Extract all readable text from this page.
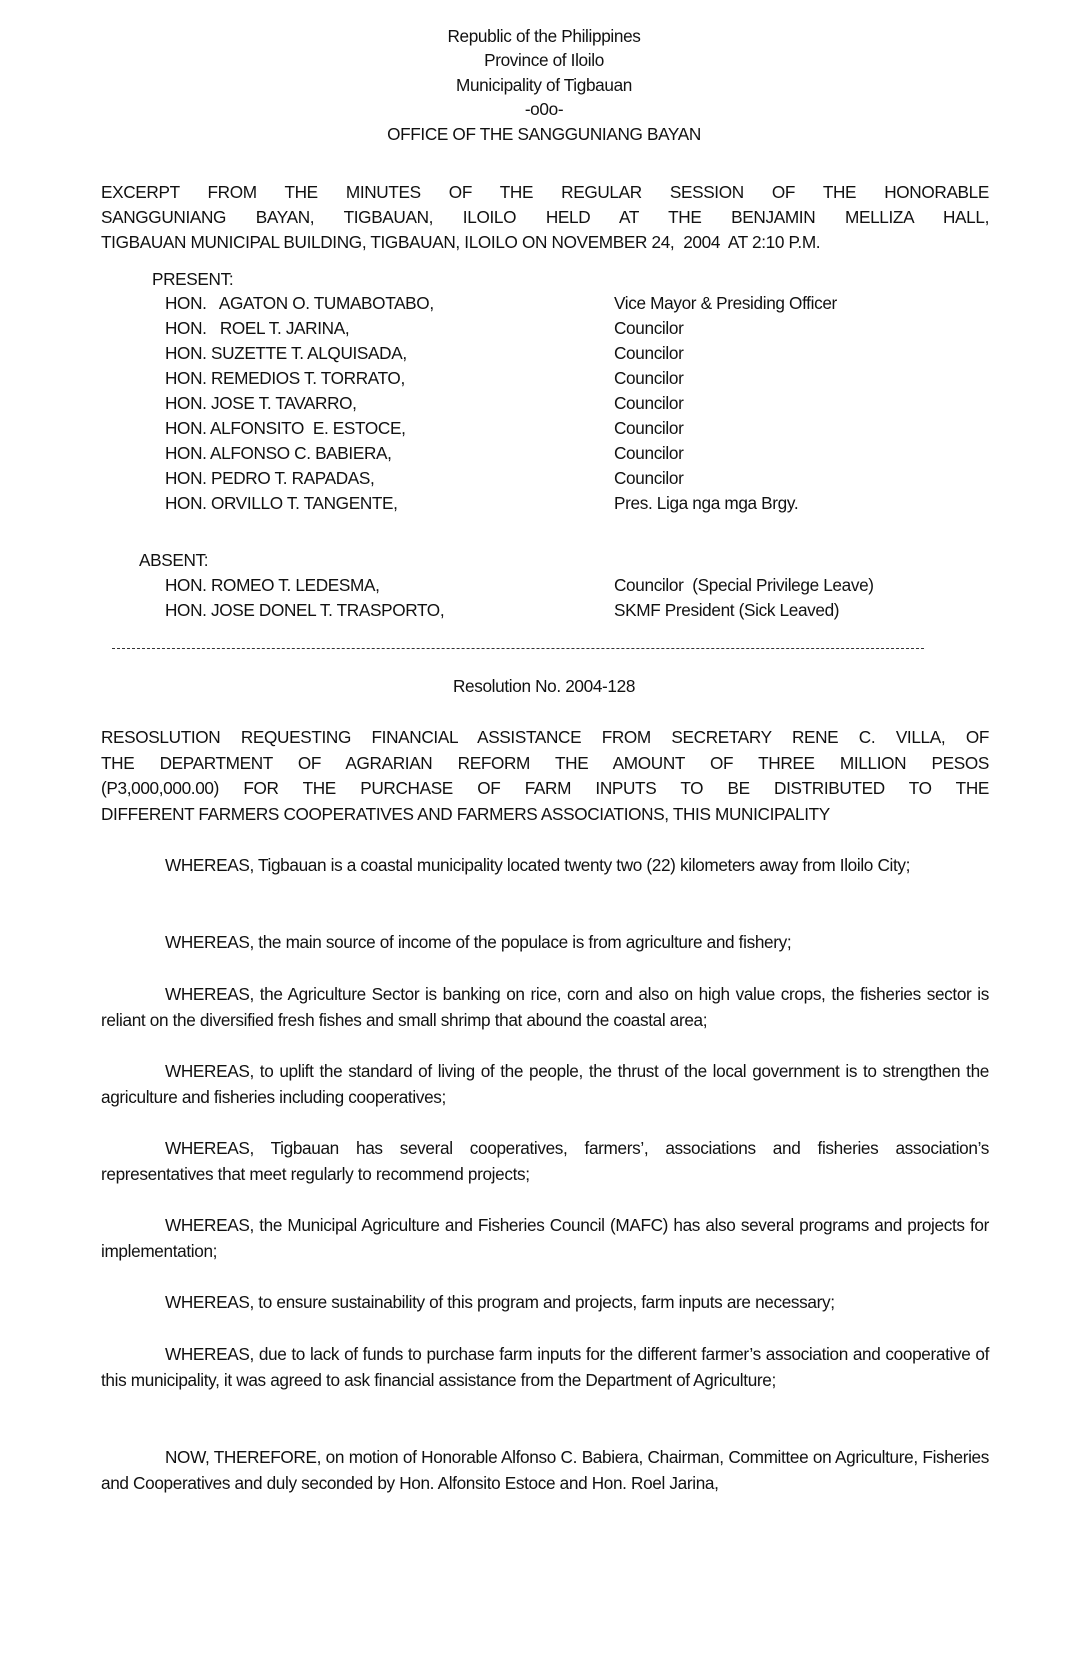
Republic of the Philippines
Province of Iloilo
Municipality of Tigbauan
-o0o-
OFFICE OF THE SANGGUNIANG BAYAN
EXCERPT FROM THE MINUTES OF THE REGULAR SESSION OF THE HONORABLE
SANGGUNIANG BAYAN, TIGBAUAN, ILOILO HELD AT THE BENJAMIN MELLIZA HALL,
TIGBAUAN MUNICIPAL BUILDING, TIGBAUAN, ILOILO ON NOVEMBER 24,  2004  AT 2:10 P.M.
PRESENT:
HON.   AGATON O. TUMABOTABO,	Vice Mayor & Presiding Officer
HON.   ROEL T. JARINA,	Councilor
HON. SUZETTE T. ALQUISADA,	Councilor
HON. REMEDIOS T. TORRATO,	Councilor
HON. JOSE T. TAVARRO,	Councilor
HON. ALFONSITO  E. ESTOCE,	Councilor
HON. ALFONSO C. BABIERA,	Councilor
HON. PEDRO T. RAPADAS,	Councilor
HON. ORVILLO T. TANGENTE,	Pres. Liga nga mga Brgy.
ABSENT:
HON. ROMEO T. LEDESMA,	Councilor  (Special Privilege Leave)
HON. JOSE DONEL T. TRASPORTO,	SKMF President (Sick Leaved)
Resolution No. 2004-128
RESOSLUTION REQUESTING FINANCIAL ASSISTANCE FROM SECRETARY RENE C. VILLA, OF
THE DEPARTMENT OF AGRARIAN REFORM THE AMOUNT OF THREE MILLION PESOS
(P3,000,000.00) FOR THE PURCHASE OF FARM INPUTS TO BE DISTRIBUTED TO THE
DIFFERENT FARMERS COOPERATIVES AND FARMERS ASSOCIATIONS, THIS MUNICIPALITY

WHEREAS, Tigbauan is a coastal municipality located twenty two (22) kilometers away from Iloilo City;

WHEREAS, the main source of income of the populace is from agriculture and fishery;

WHEREAS, the Agriculture Sector is banking on rice, corn and also on high value crops, the fisheries sector is reliant on the diversified fresh fishes and small shrimp that abound the coastal area;

WHEREAS, to uplift the standard of living of the people, the thrust of the local government is to strengthen the agriculture and fisheries including cooperatives;

WHEREAS, Tigbauan has several cooperatives, farmers’, associations and fisheries association’s representatives that meet regularly to recommend projects;

WHEREAS, the Municipal Agriculture and Fisheries Council (MAFC) has also several programs and projects for implementation;

WHEREAS, to ensure sustainability of this program and projects, farm inputs are necessary;

WHEREAS, due to lack of funds to purchase farm inputs for the different farmer’s association and cooperative of this municipality, it was agreed to ask financial assistance from the Department of Agriculture;

NOW, THEREFORE, on motion of Honorable Alfonso C. Babiera, Chairman, Committee on Agriculture, Fisheries and Cooperatives and duly seconded by Hon. Alfonsito Estoce and Hon. Roel Jarina,
